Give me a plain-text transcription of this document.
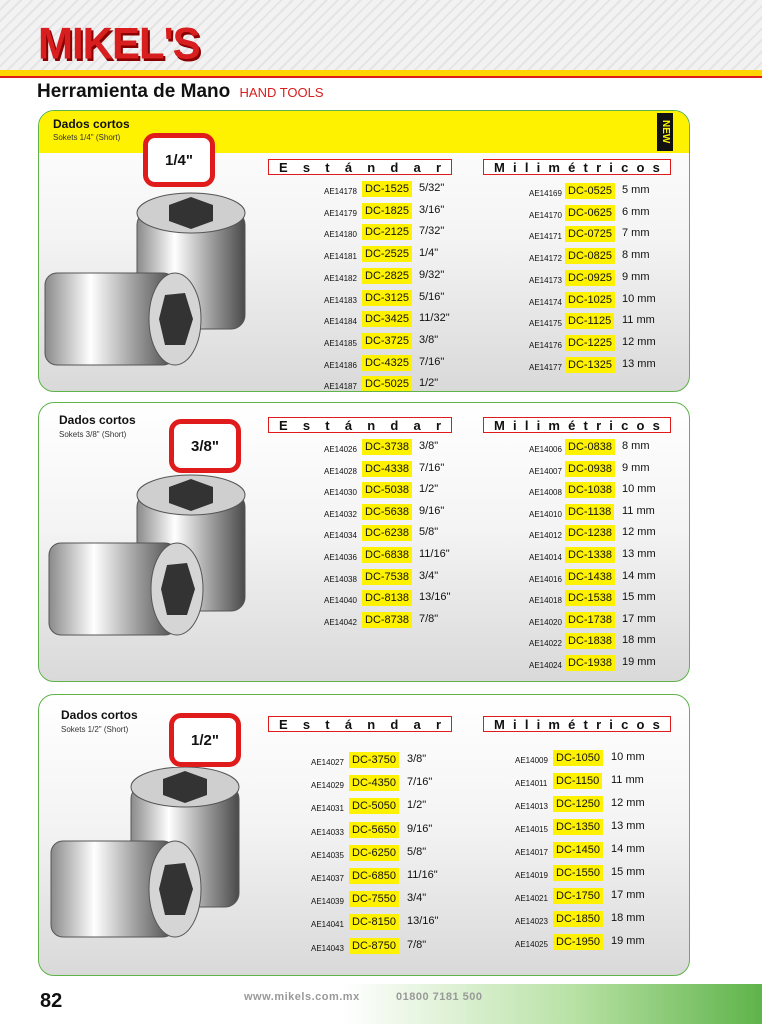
MIKEL'S
Herramienta de Mano HAND TOOLS
NEW
Dados cortos
Sokets 1/4" (Short)
1/4"	E s t á n d a r	M i l i m é t r i c o s
AE14178 DC-1525 5/32"
AE14179 DC-1825 3/16"
AE14180 DC-2125 7/32"
AE14181 DC-2525 1/4"
AE14182 DC-2825 9/32"
AE14183 DC-3125 5/16"
AE14184 DC-3425 11/32"
AE14185 DC-3725 3/8"
AE14186 DC-4325 7/16"
AE14187 DC-5025 1/2"
AE14169 DC-0525 5 mm
AE14170 DC-0625 6 mm
AE14171 DC-0725 7 mm
AE14172 DC-0825 8 mm
AE14173 DC-0925 9 mm
AE14174 DC-1025 10 mm
AE14175 DC-1125 11 mm
AE14176 DC-1225 12 mm
AE14177 DC-1325 13 mm
Dados cortos
Sokets 3/8" (Short)
3/8"
E s t á n d a r	M i l i m é t r i c o s
AE14026 DC-3738 3/8"
AE14028 DC-4338 7/16"
AE14030 DC-5038 1/2"
AE14032 DC-5638 9/16"
AE14034 DC-6238 5/8"
AE14036 DC-6838 11/16"
AE14038 DC-7538 3/4"
AE14040 DC-8138 13/16"
AE14042 DC-8738 7/8"
AE14006 DC-0838 8 mm
AE14007 DC-0938 9 mm
AE14008 DC-1038 10 mm
AE14010 DC-1138 11 mm
AE14012 DC-1238 12 mm
AE14014 DC-1338 13 mm
AE14016 DC-1438 14 mm
AE14018 DC-1538 15 mm
AE14020 DC-1738 17 mm
AE14022 DC-1838 18 mm
AE14024 DC-1938 19 mm
Dados cortos
Sokets 1/2" (Short)
1/2"
E s t á n d a r	M i l i m é t r i c o s
AE14027 DC-3750 3/8"
AE14029 DC-4350 7/16"
AE14031 DC-5050 1/2"
AE14033 DC-5650 9/16"
AE14035 DC-6250 5/8"
AE14037 DC-6850 11/16"
AE14039 DC-7550 3/4"
AE14041 DC-8150 13/16"
AE14043 DC-8750 7/8"
AE14009 DC-1050 10 mm
AE14011 DC-1150 11 mm
AE14013 DC-1250 12 mm
AE14015 DC-1350 13 mm
AE14017 DC-1450 14 mm
AE14019 DC-1550 15 mm
AE14021 DC-1750 17 mm
AE14023 DC-1850 18 mm
AE14025 DC-1950 19 mm
82	www.mikels.com.mx	01800 7181 500
